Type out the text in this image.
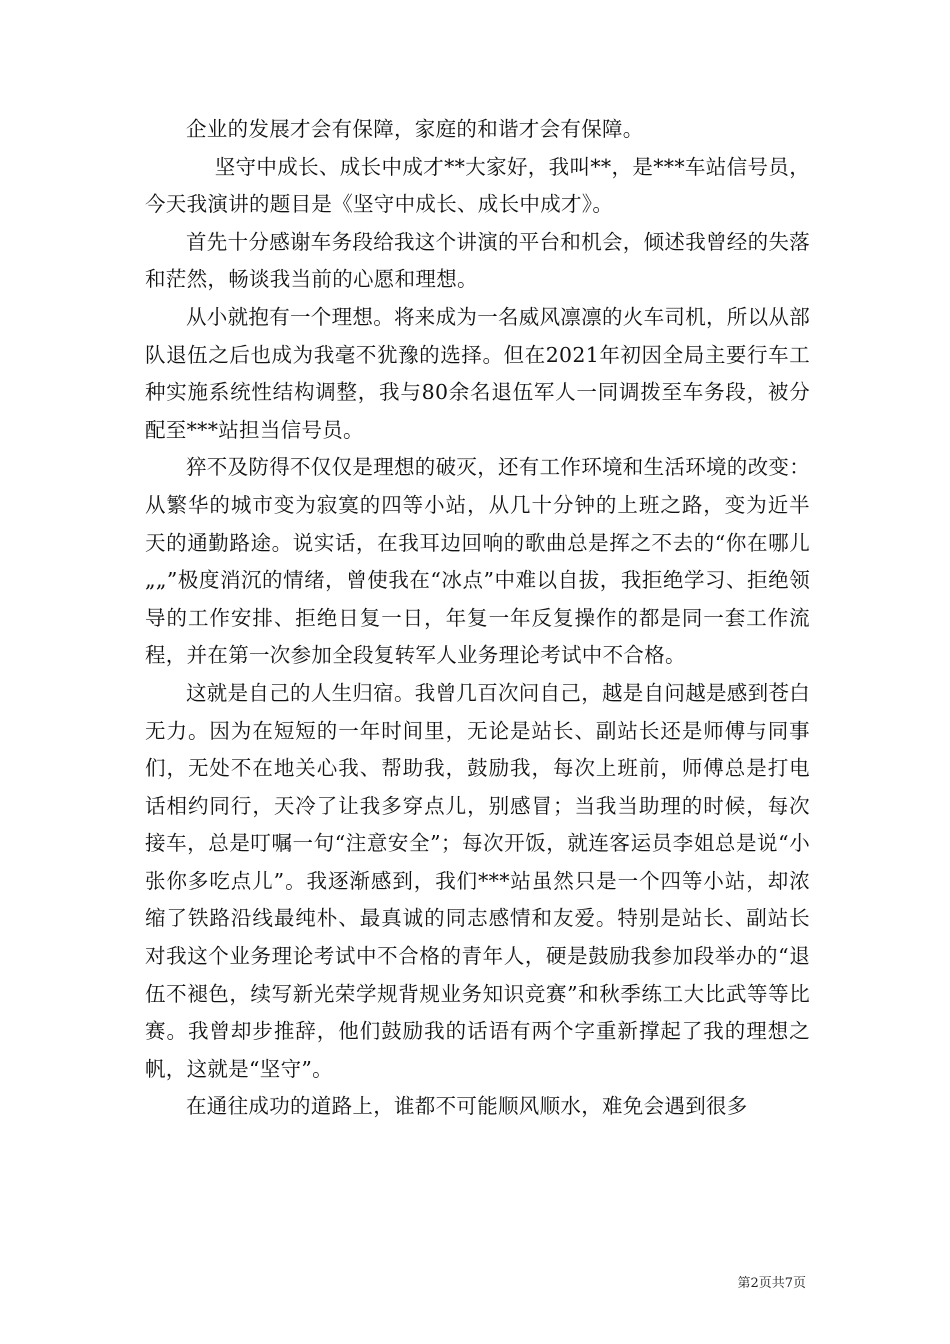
企业的发展才会有保障，家庭的和谐才会有保障。

坚守中成长、成长中成才**大家好，我叫**，是***车站信号员，今天我演讲的题目是《坚守中成长、成长中成才》。

首先十分感谢车务段给我这个讲演的平台和机会，倾述我曾经的失落和茫然，畅谈我当前的心愿和理想。

从小就抱有一个理想。将来成为一名威风凛凛的火车司机，所以从部队退伍之后也成为我毫不犹豫的选择。但在2021年初因全局主要行车工种实施系统性结构调整，我与80余名退伍军人一同调拨至车务段，被分配至***站担当信号员。

猝不及防得不仅仅是理想的破灭，还有工作环境和生活环境的改变：从繁华的城市变为寂寞的四等小站，从几十分钟的上班之路，变为近半天的通勤路途。说实话，在我耳边回响的歌曲总是挥之不去的“你在哪儿„„”极度消沉的情绪，曾使我在“冰点”中难以自拔，我拒绝学习、拒绝领导的工作安排、拒绝日复一日，年复一年反复操作的都是同一套工作流程，并在第一次参加全段复转军人业务理论考试中不合格。

这就是自己的人生归宿。我曾几百次问自己，越是自问越是感到苍白无力。因为在短短的一年时间里，无论是站长、副站长还是师傅与同事们，无处不在地关心我、帮助我，鼓励我，每次上班前，师傅总是打电话相约同行，天冷了让我多穿点儿，别感冒；当我当助理的时候，每次接车，总是叮嘱一句“注意安全”；每次开饭，就连客运员李姐总是说“小张你多吃点儿”。我逐渐感到，我们***站虽然只是一个四等小站，却浓缩了铁路沿线最纯朴、最真诚的同志感情和友爱。特别是站长、副站长对我这个业务理论考试中不合格的青年人，硬是鼓励我参加段举办的“退伍不褪色，续写新光荣学规背规业务知识竞赛”和秋季练工大比武等等比赛。我曾却步推辞，他们鼓励我的话语有两个字重新撑起了我的理想之帆，这就是“坚守”。

在通往成功的道路上，谁都不可能顺风顺水，难免会遇到很多

第2页共7页
